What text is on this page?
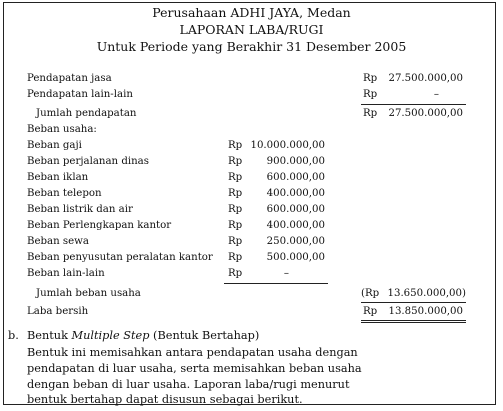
Perusahaan ADHI JAYA, Medan
LAPORAN LABA/RUGI
Untuk Periode yang Berakhir 31 Desember 2005
Pendapatan jasa	Rp 27.500.000,00
Pendapatan lain-lain	Rp	–
Jumlah pendapatan	Rp 27.500.000,00
Beban usaha:
Beban gaji	Rp 10.000.000,00
Beban perjalanan dinas	Rp 900.000,00
Beban iklan	Rp 600.000,00
Beban telepon	Rp 400.000,00
Beban listrik dan air	Rp 600.000,00
Beban Perlengkapan kantor	Rp 400.000,00
Beban sewa	Rp 250.000,00
Beban penyusutan peralatan kantor Rp 500.000,00
Beban lain-lain	Rp	–
Jumlah beban usaha	(Rp 13.650.000,00)
Laba bersih	Rp 13.850.000,00
b. Bentuk Multiple Step (Bentuk Bertahap)
Bentuk ini memisahkan antara pendapatan usaha dengan
pendapatan di luar usaha, serta memisahkan beban usaha
dengan beban di luar usaha. Laporan laba/rugi menurut
bentuk bertahap dapat disusun sebagai berikut.
